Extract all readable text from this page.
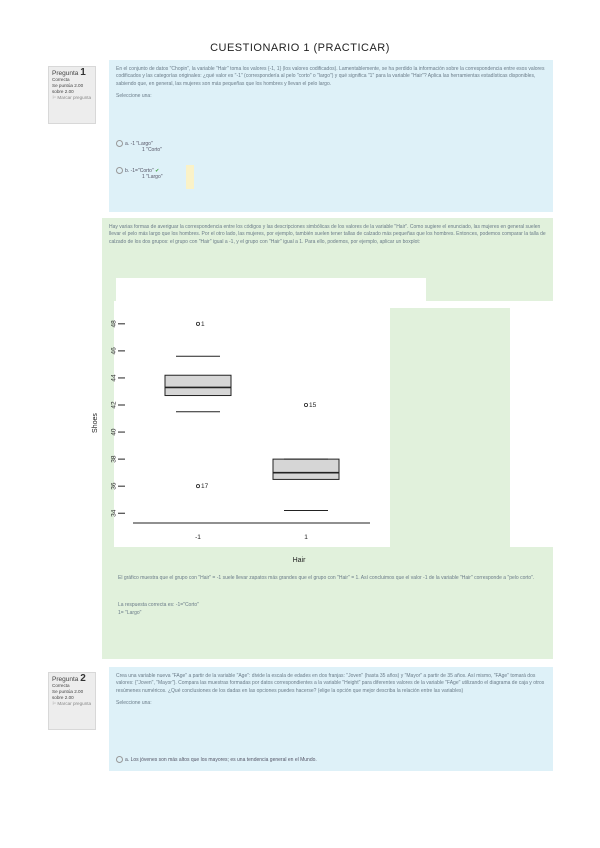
CUESTIONARIO 1 (PRACTICAR)
Pregunta 1
Correcta
Se puntúa 2.00 sobre 2.00
⚐ Marcar pregunta
En el conjunto de datos "Chopin", la variable "Hair" toma los valores {-1, 1} (los valores codificados). Lamentablemente, se ha perdido la información sobre la correspondencia entre esos valores codificados y las categorías originales: ¿qué valor es "-1" (correspondería al pelo "corto" o "largo") y qué significa "1" para la variable "Hair"? Aplica las herramientas estadísticas disponibles, sabiendo que, en general, las mujeres son más pequeñas que los hombres y llevan el pelo largo.
Seleccione una:
a. -1 "Largo"
1 "Corto"
b. -1="Corto" ✔
1 "Largo"
Hay varias formas de averiguar la correspondencia entre los códigos y las descripciones simbólicas de los valores de la variable "Hair". Como sugiere el enunciado, las mujeres en general suelen llevar el pelo más largo que los hombres. Por el otro lado, las mujeres, por ejemplo, también suelen tener tallas de calzado más pequeñas que los hombres. Entonces, podemos comparar la talla de calzado de los dos grupos: el grupo con "Hair" igual a -1, y el grupo con "Hair" igual a 1. Para ello, podemos, por ejemplo, aplicar un boxplot:
El gráfico muestra que el grupo con "Hair" = -1 suele llevar zapatos más grandes que el grupo con "Hair" = 1. Así concluimos que el valor -1 de la variable "Hair" corresponde a "pelo corto".
La respuesta correcta es: -1="Corto"
1= "Largo"
34
36
38
40
42
44
46
48	1
17
15
-1	1
Shoes
Hair
Pregunta 2
Correcta
Se puntúa 2.00 sobre 2.00
⚐ Marcar pregunta
Crea una variable nueva "FAge" a partir de la variable "Age": divide la escala de edades en dos franjas: "Joven" (hasta 35 años) y "Mayor" a partir de 35 años. Así mismo, "FAge" tomará dos valores: {"Joven", "Mayor"}. Compara las muestras formadas por datos correspondientes a la variable "Height" para diferentes valores de la variable "FAge" utilizando el diagrama de caja y otros resúmenes numéricos. ¿Qué conclusiones de los dadas en las opciones puedes hacerse? (elige la opción que mejor describa la relación entre las variables)
Seleccione una:
a. Los jóvenes son más altos que los mayores; es una tendencia general en el Mundo.
